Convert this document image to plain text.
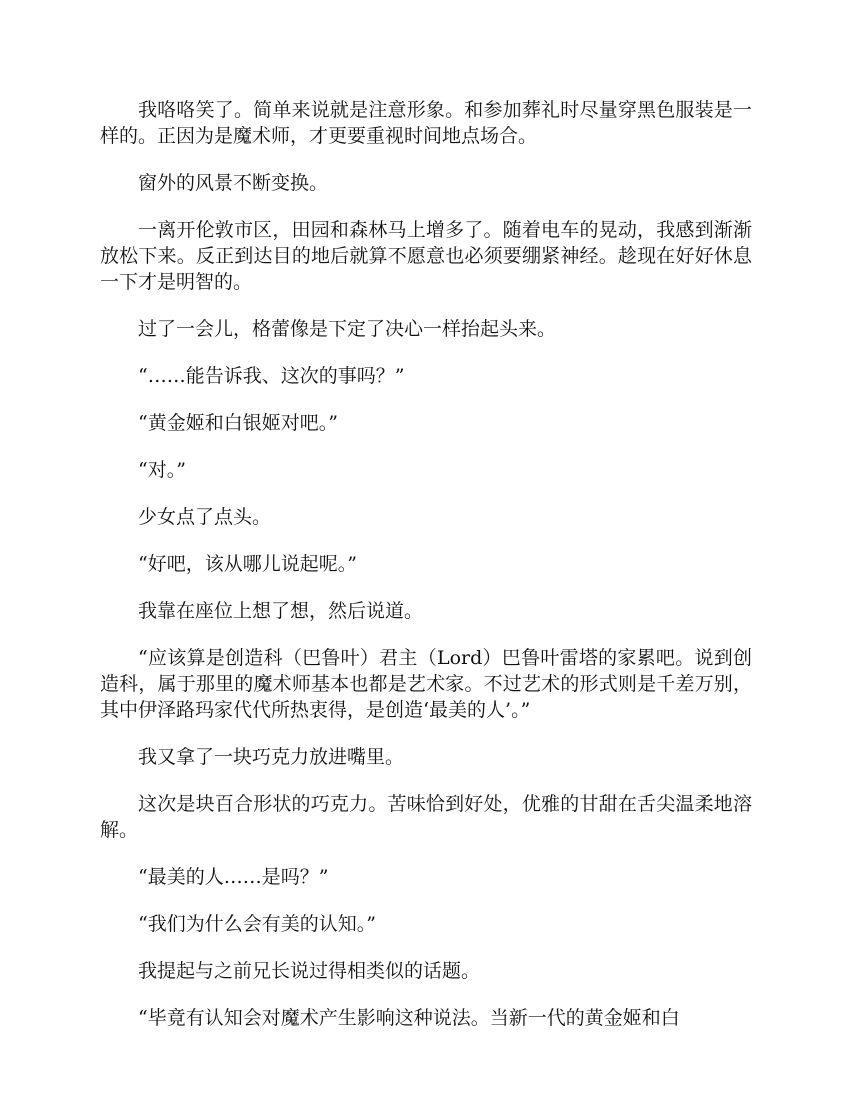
我咯咯笑了。简单来说就是注意形象。和参加葬礼时尽量穿黑色服装是一样的。正因为是魔术师，才更要重视时间地点场合。

窗外的风景不断变换。

一离开伦敦市区，田园和森林马上增多了。随着电车的晃动，我感到渐渐放松下来。反正到达目的地后就算不愿意也必须要绷紧神经。趁现在好好休息一下才是明智的。

过了一会儿，格蕾像是下定了决心一样抬起头来。

“……能告诉我、这次的事吗？”

“黄金姬和白银姬对吧。”

“对。”

少女点了点头。

“好吧，该从哪儿说起呢。”

我靠在座位上想了想，然后说道。

“应该算是创造科（巴鲁叶）君主（Lord）巴鲁叶雷塔的家累吧。说到创造科，属于那里的魔术师基本也都是艺术家。不过艺术的形式则是千差万别，其中伊泽路玛家代代所热衷得，是创造‘最美的人’。”

我又拿了一块巧克力放进嘴里。

这次是块百合形状的巧克力。苦味恰到好处，优雅的甘甜在舌尖温柔地溶解。

“最美的人……是吗？”

“我们为什么会有美的认知。”

我提起与之前兄长说过得相类似的话题。

“毕竟有认知会对魔术产生影响这种说法。当新一代的黄金姬和白
